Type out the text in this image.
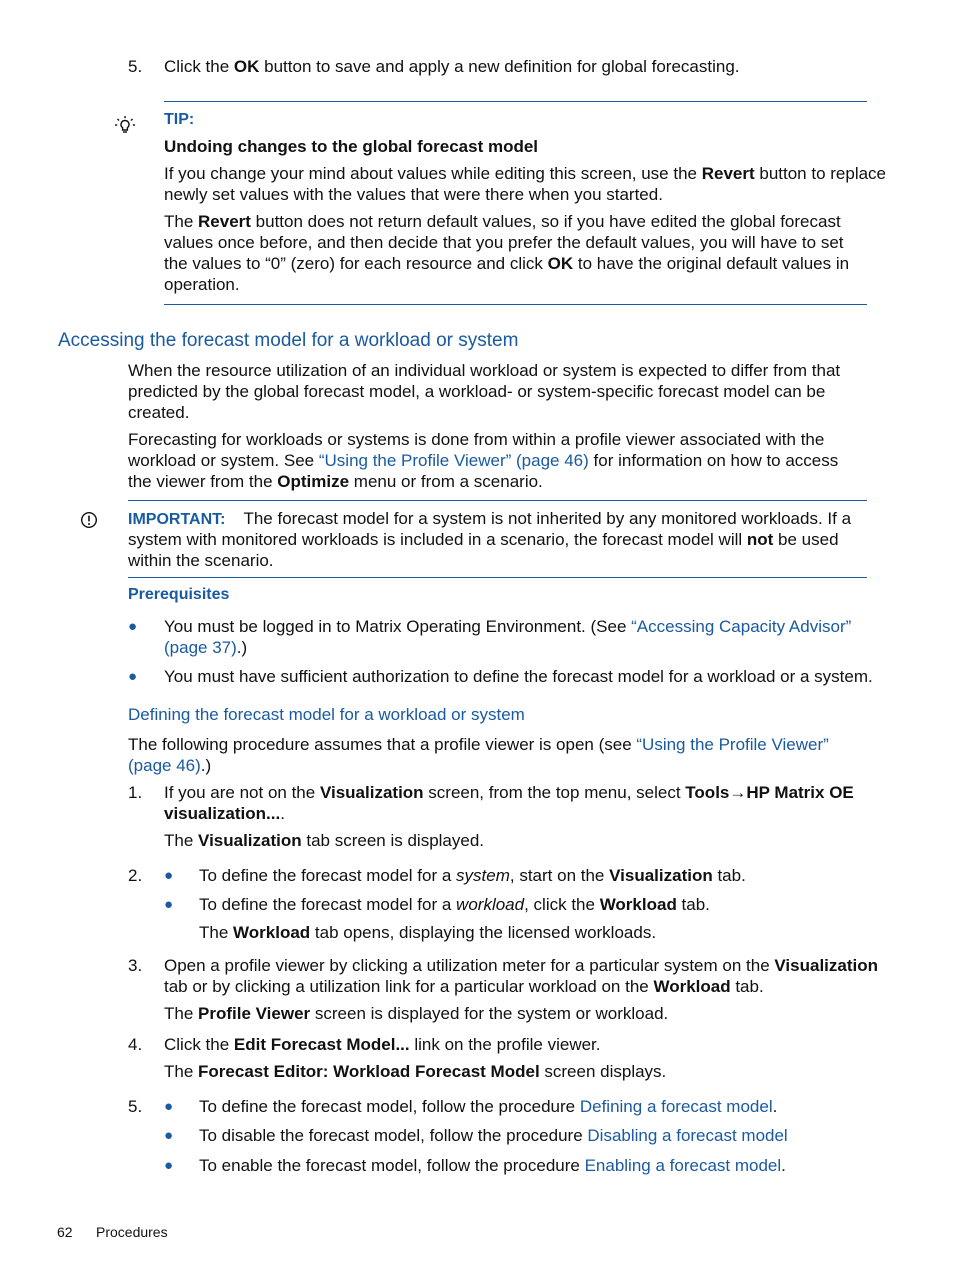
5. Click the OK button to save and apply a new definition for global forecasting.
TIP:
Undoing changes to the global forecast model
If you change your mind about values while editing this screen, use the Revert button to replace
newly set values with the values that were there when you started.
The Revert button does not return default values, so if you have edited the global forecast
values once before, and then decide that you prefer the default values, you will have to set
the values to “0” (zero) for each resource and click OK to have the original default values in
operation.
Accessing the forecast model for a workload or system
When the resource utilization of an individual workload or system is expected to differ from that
predicted by the global forecast model, a workload- or system-specific forecast model can be
created.
Forecasting for workloads or systems is done from within a profile viewer associated with the
workload or system. See “Using the Profile Viewer” (page 46) for information on how to access
the viewer from the Optimize menu or from a scenario.
IMPORTANT: The forecast model for a system is not inherited by any monitored workloads. If a
system with monitored workloads is included in a scenario, the forecast model will not be used
within the scenario.
Prerequisites
● You must be logged in to Matrix Operating Environment. (See “Accessing Capacity Advisor”
(page 37).)
● You must have sufficient authorization to define the forecast model for a workload or a system.
Defining the forecast model for a workload or system
The following procedure assumes that a profile viewer is open (see “Using the Profile Viewer”
(page 46).)
1. If you are not on the Visualization screen, from the top menu, select Tools→HP Matrix OE
visualization....
The Visualization tab screen is displayed.
2. ● To define the forecast model for a system, start on the Visualization tab.
● To define the forecast model for a workload, click the Workload tab.
The Workload tab opens, displaying the licensed workloads.
3. Open a profile viewer by clicking a utilization meter for a particular system on the Visualization
tab or by clicking a utilization link for a particular workload on the Workload tab.
The Profile Viewer screen is displayed for the system or workload.
4. Click the Edit Forecast Model... link on the profile viewer.
The Forecast Editor: Workload Forecast Model screen displays.
5. ● To define the forecast model, follow the procedure Defining a forecast model.
● To disable the forecast model, follow the procedure Disabling a forecast model
● To enable the forecast model, follow the procedure Enabling a forecast model.
62 Procedures
